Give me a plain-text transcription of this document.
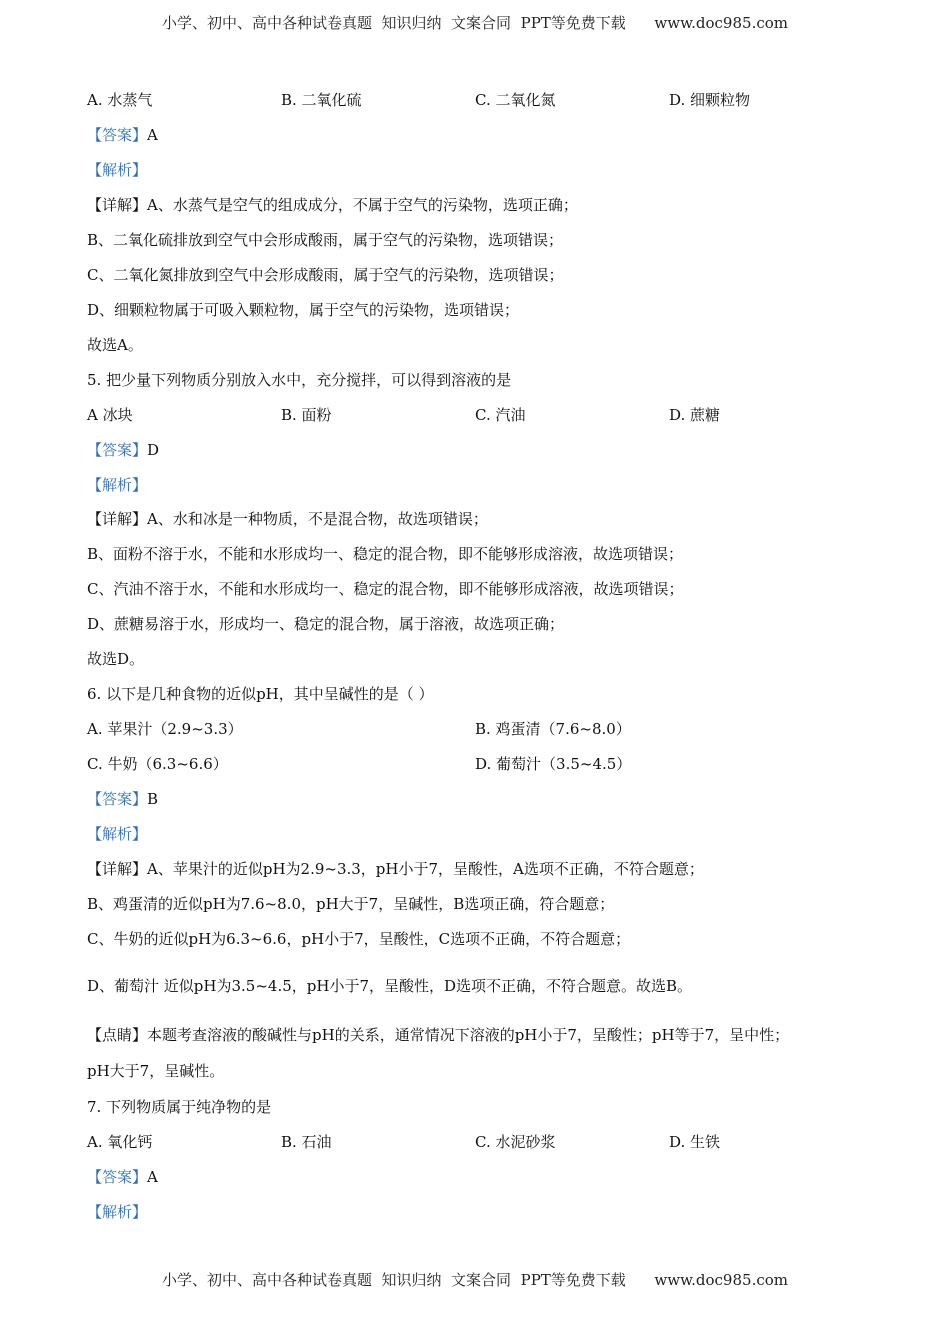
小学、初中、高中各种试卷真题  知识归纳  文案合同  PPT等免费下载      www.doc985.com
A. 水蒸气	B. 二氧化硫	C. 二氧化氮	D. 细颗粒物
【答案】A
【解析】
【详解】A、水蒸气是空气的组成成分，不属于空气的污染物，选项正确；
B、二氧化硫排放到空气中会形成酸雨，属于空气的污染物，选项错误；
C、二氧化氮排放到空气中会形成酸雨，属于空气的污染物，选项错误；
D、细颗粒物属于可吸入颗粒物，属于空气的污染物，选项错误；
故选A。
5. 把少量下列物质分别放入水中，充分搅拌，可以得到溶液的是
A 冰块	B. 面粉	C. 汽油	D. 蔗糖
【答案】D
【解析】
【详解】A、水和冰是一种物质，不是混合物，故选项错误；
B、面粉不溶于水，不能和水形成均一、稳定的混合物，即不能够形成溶液，故选项错误；
C、汽油不溶于水，不能和水形成均一、稳定的混合物，即不能够形成溶液，故选项错误；
D、蔗糖易溶于水，形成均一、稳定的混合物，属于溶液，故选项正确；
故选D。
6. 以下是几种食物的近似pH，其中呈碱性的是（ ）
A. 苹果汁（2.9~3.3）	B. 鸡蛋清（7.6~8.0）
C. 牛奶（6.3~6.6）	D. 葡萄汁（3.5~4.5）
【答案】B
【解析】
【详解】A、苹果汁的近似pH为2.9~3.3，pH小于7，呈酸性，A选项不正确，不符合题意；
B、鸡蛋清的近似pH为7.6~8.0，pH大于7，呈碱性，B选项正确，符合题意；
C、牛奶的近似pH为6.3~6.6，pH小于7，呈酸性，C选项不正确，不符合题意；
D、葡萄汁 近似pH为3.5~4.5，pH小于7，呈酸性，D选项不正确，不符合题意。故选B。
【点睛】本题考查溶液的酸碱性与pH的关系，通常情况下溶液的pH小于7，呈酸性；pH等于7，呈中性；
pH大于7，呈碱性。
7. 下列物质属于纯净物的是
A. 氧化钙	B. 石油	C. 水泥砂浆	D. 生铁
【答案】A
【解析】
小学、初中、高中各种试卷真题  知识归纳  文案合同  PPT等免费下载      www.doc985.com
